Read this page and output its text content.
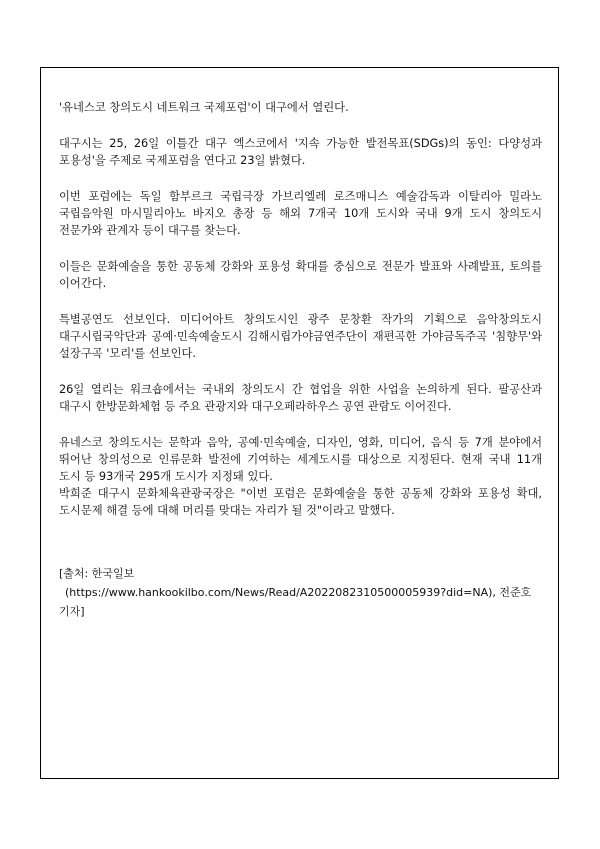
'유네스코 창의도시 네트워크 국제포럼'이 대구에서 열린다.

대구시는 25, 26일 이틀간 대구 엑스코에서 '지속 가능한 발전목표(SDGs)의 동인: 다양성과 포용성'을 주제로 국제포럼을 연다고 23일 밝혔다.

이번 포럼에는 독일 함부르크 국립극장 가브리엘레 로즈매니스 예술감독과 이탈리아 밀라노 국립음악원 마시밀리아노 바지오 총장 등 해외 7개국 10개 도시와 국내 9개 도시 창의도시 전문가와 관계자 등이 대구를 찾는다.

이들은 문화예술을 통한 공동체 강화와 포용성 확대를 중심으로 전문가 발표와 사례발표, 토의를 이어간다.

특별공연도 선보인다. 미디어아트 창의도시인 광주 문창환 작가의 기획으로 음악창의도시 대구시립국악단과 공예·민속예술도시 김해시립가야금연주단이 재편곡한 가야금독주곡 '침향무'와 설장구곡 '모리'를 선보인다.

26일 열리는 워크숍에서는 국내외 창의도시 간 협업을 위한 사업을 논의하게 된다. 팔공산과 대구시 한방문화체험 등 주요 관광지와 대구오페라하우스 공연 관람도 이어진다.

유네스코 창의도시는 문학과 음악, 공예·민속예술, 디자인, 영화, 미디어, 음식 등 7개 분야에서 뛰어난 창의성으로 인류문화 발전에 기여하는 세계도시를 대상으로 지정된다. 현재 국내 11개 도시 등 93개국 295개 도시가 지정돼 있다.

박희준 대구시 문화체육관광국장은 "이번 포럼은 문화예술을 통한 공동체 강화와 포용성 확대, 도시문제 해결 등에 대해 머리를 맞대는 자리가 될 것"이라고 말했다.

[출처: 한국일보
(https://www.hankookilbo.com/News/Read/A2022082310500005939?did=NA), 전준호
기자]
